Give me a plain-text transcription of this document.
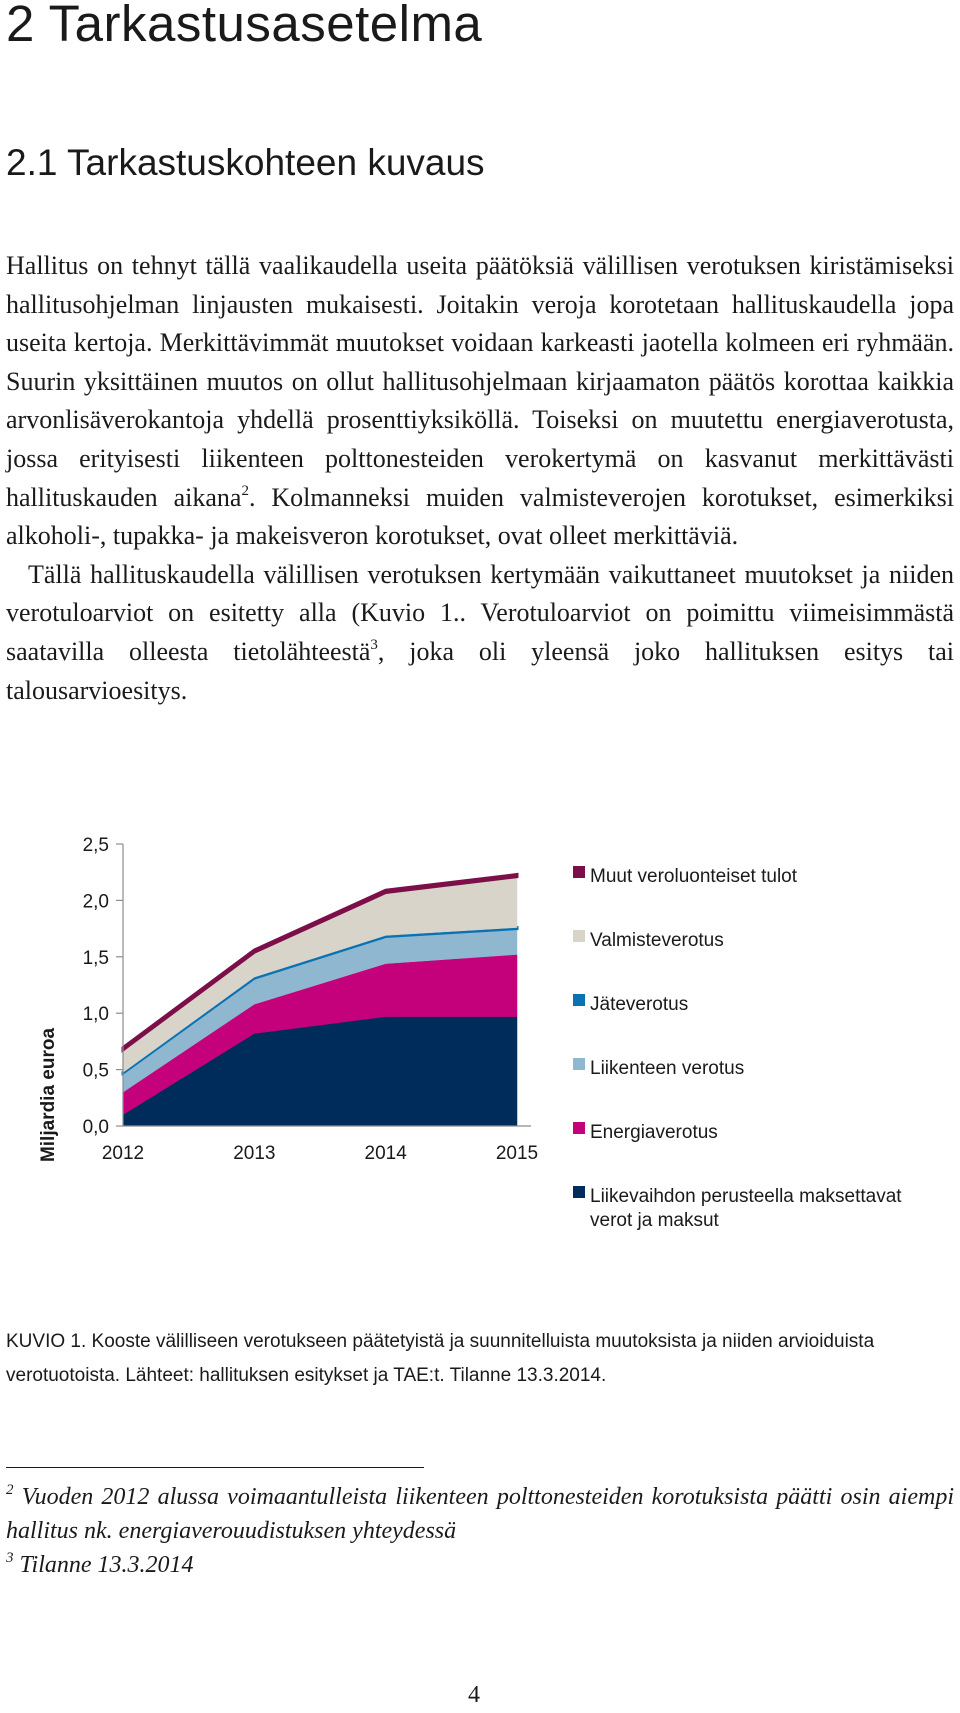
2 Tarkastusasetelma
2.1 Tarkastuskohteen kuvaus

Hallitus on tehnyt tällä vaalikaudella useita päätöksiä välillisen verotuksen kiristämiseksi hallitusohjelman linjausten mukaisesti. Joitakin veroja korotetaan hallituskaudella jopa useita kertoja. Merkittävimmät muutokset voidaan karkeasti jaotella kolmeen eri ryhmään. Suurin yksittäinen muutos on ollut hallitusohjelmaan kirjaamaton päätös korottaa kaikkia arvonlisäverokantoja yhdellä prosenttiyksiköllä. Toiseksi on muutettu energiaverotusta, jossa erityisesti liikenteen polttonesteiden verokertymä on kasvanut merkittävästi hallituskauden aikana$^2$. Kolmanneksi muiden valmisteverojen korotukset, esimerkiksi alkoholi-, tupakka- ja makeisveron korotukset, ovat olleet merkittäviä.

Tällä hallituskaudella välillisen verotuksen kertymään vaikuttaneet muutokset ja niiden verotuloarviot on esitetty alla (Kuvio 1.. Verotuloarviot on poimittu viimeisimmästä saatavilla olleesta tietolähteestä$^3$, joka oli yleensä joko hallituksen esitys tai talousarvioesitys.

0,0
0,5
1,0
1,5
2,0
2,5
2012	2013	2014	2015
Miljardia euroa
Muut veroluonteiset tulot
Valmisteverotus
Jäteverotus
Liikenteen verotus
Energiaverotus
Liikevaihdon perusteella maksettavat
verot ja maksut

KUVIO 1. Kooste välilliseen verotukseen päätetyistä ja suunnitelluista muutoksista ja niiden arvioiduista verotuotoista. Lähteet: hallituksen esitykset ja TAE:t. Tilanne 13.3.2014.

$^2$ Vuoden 2012 alussa voimaantulleista liikenteen polttonesteiden korotuksista päätti osin aiempi hallitus nk. energiaverouudistuksen yhteydessä

$^3$ Tilanne 13.3.2014

4
